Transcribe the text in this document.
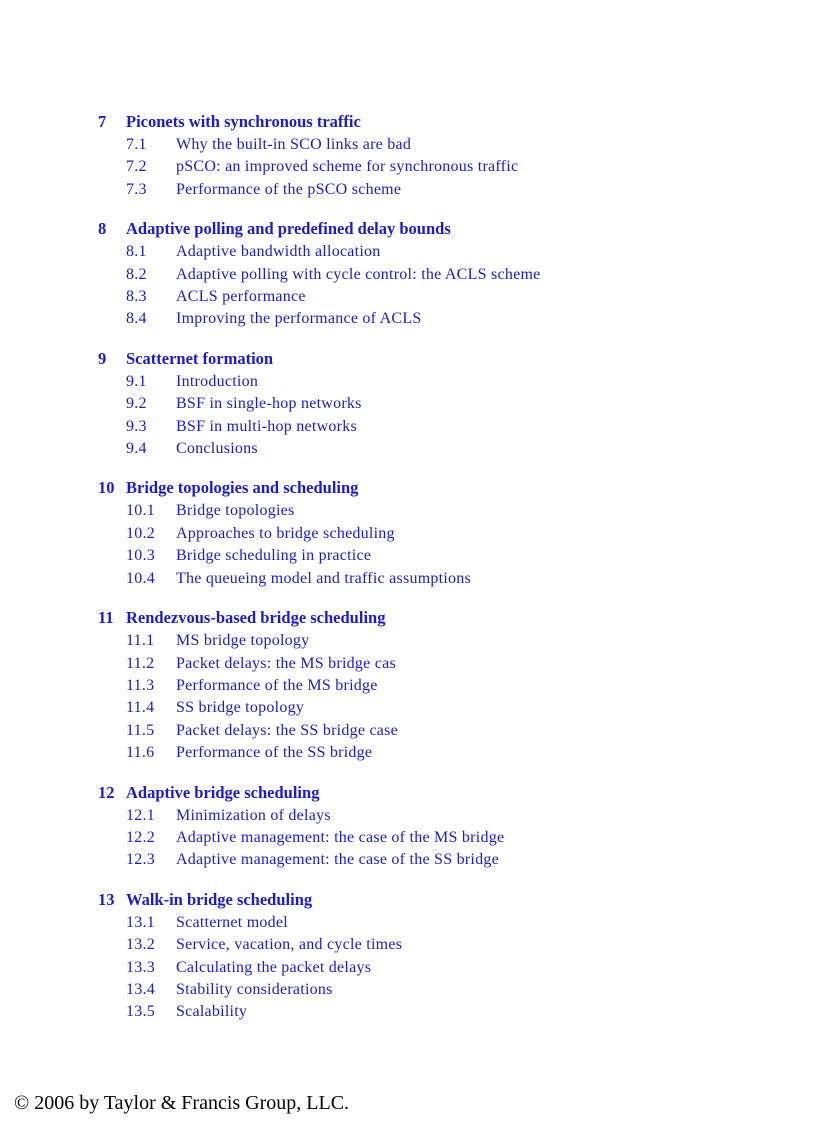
7 Piconets with synchronous traffic
7.1 Why the built-in SCO links are bad
7.2 pSCO: an improved scheme for synchronous traffic
7.3 Performance of the pSCO scheme
8 Adaptive polling and predefined delay bounds
8.1 Adaptive bandwidth allocation
8.2 Adaptive polling with cycle control: the ACLS scheme
8.3 ACLS performance
8.4 Improving the performance of ACLS
9 Scatternet formation
9.1 Introduction
9.2 BSF in single-hop networks
9.3 BSF in multi-hop networks
9.4 Conclusions
10 Bridge topologies and scheduling
10.1 Bridge topologies
10.2 Approaches to bridge scheduling
10.3 Bridge scheduling in practice
10.4 The queueing model and traffic assumptions
11 Rendezvous-based bridge scheduling
11.1 MS bridge topology
11.2 Packet delays: the MS bridge cas
11.3 Performance of the MS bridge
11.4 SS bridge topology
11.5 Packet delays: the SS bridge case
11.6 Performance of the SS bridge
12 Adaptive bridge scheduling
12.1 Minimization of delays
12.2 Adaptive management: the case of the MS bridge
12.3 Adaptive management: the case of the SS bridge
13 Walk-in bridge scheduling
13.1 Scatternet model
13.2 Service, vacation, and cycle times
13.3 Calculating the packet delays
13.4 Stability considerations
13.5 Scalability
© 2006 by Taylor & Francis Group, LLC.
